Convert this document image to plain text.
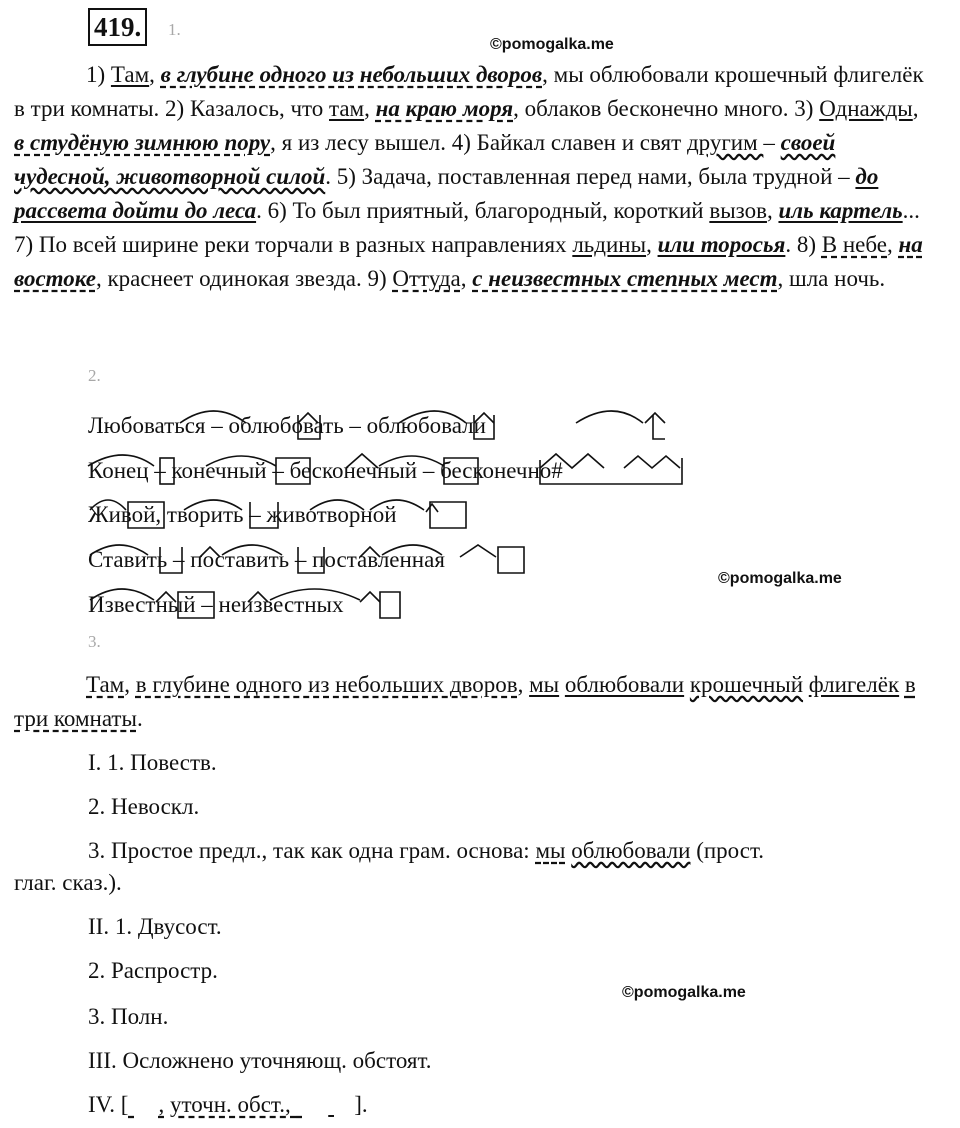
419.	1.
©pomogalka.me
1) Там, в глубине одного из небольших дворов, мы облюбовали крошечный флигелёк в три комнаты. 2) Казалось, что там, на краю моря, облаков бесконечно много. 3) Однажды, в студёную зимнюю пору, я из лесу вышел. 4) Байкал славен и свят другим – своей чудесной, животворной силой. 5) Задача, поставленная перед нами, была трудной – до рассвета дойти до леса. 6) То был приятный, благородный, короткий вызов, иль картель... 7) По всей ширине реки торчали в разных направлениях льдины, или торосья. 8) В небе, на востоке, краснеет одинокая звезда. 9) Оттуда, с неизвестных степных мест, шла ночь.
2.
Любоваться – облюбовать – облюбовали
Конец – конечный – бесконечный – бесконечно#
Живой, творить – животворной
Ставить – поставить – поставленная
Известный – неизвестных
©pomogalka.me
3.
Там, в глубине одного из небольших дворов, мы облюбовали крошечный флигелёк в три комнаты.
I. 1. Повеств.
2. Невоскл.
3. Простое предл., так как одна грам. основа: мы облюбовали (прост.
глаг. сказ.).
II. 1. Двусост.
2. Распростр.
©pomogalka.me
3. Полн.
III. Осложнено уточняющ. обстоят.
IV. [ , уточн. обст.,	].
